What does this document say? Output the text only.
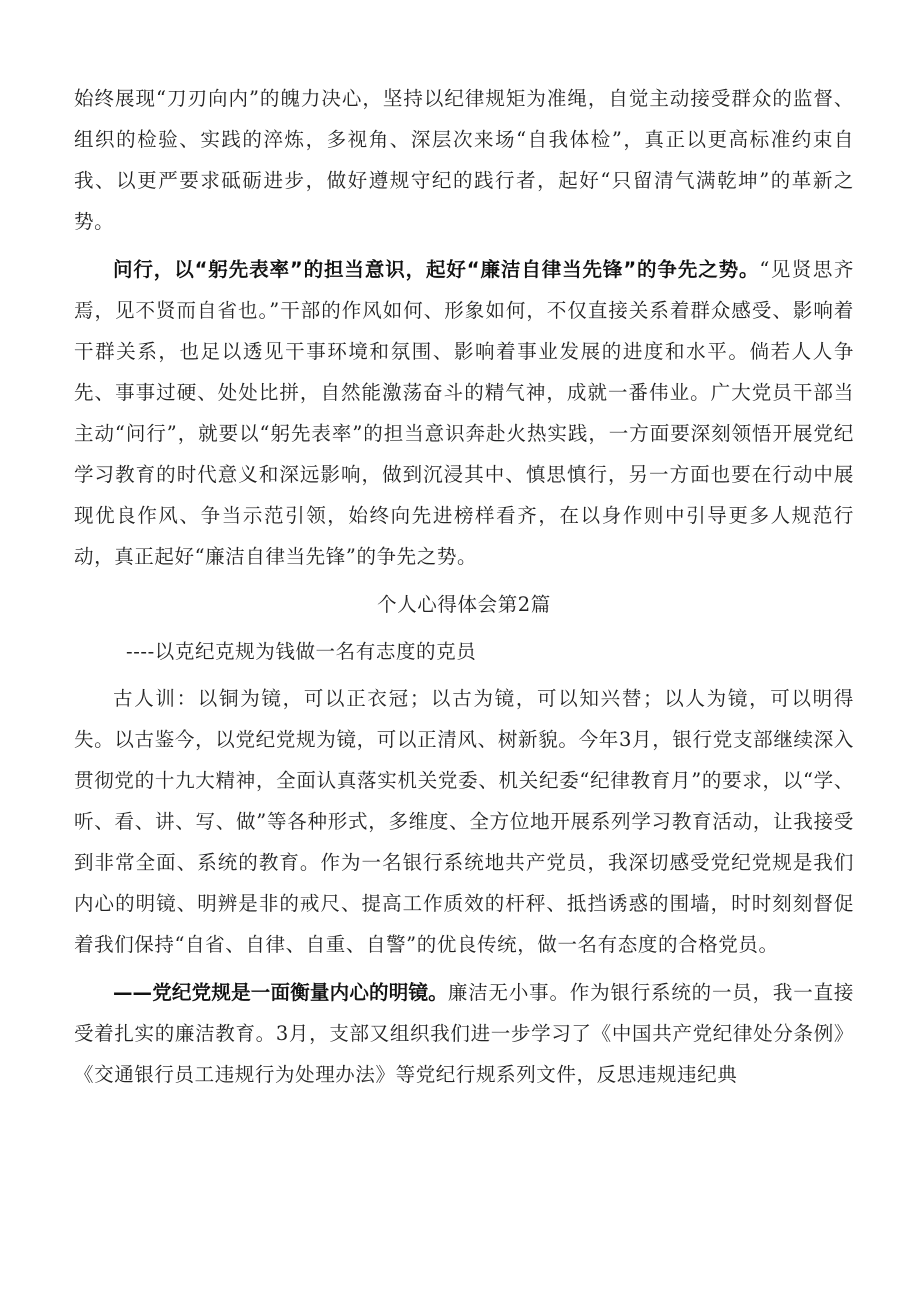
始终展现“刀刃向内”的魄力决心，坚持以纪律规矩为准绳，自觉主动接受群众的监督、组织的检验、实践的淬炼，多视角、深层次来场“自我体检”，真正以更高标准约束自我、以更严要求砥砺进步，做好遵规守纪的践行者，起好“只留清气满乾坤”的革新之势。

问行，以“躬先表率”的担当意识，起好“廉洁自律当先锋”的争先之势。“见贤思齐焉，见不贤而自省也。”干部的作风如何、形象如何，不仅直接关系着群众感受、影响着干群关系，也足以透见干事环境和氛围、影响着事业发展的进度和水平。倘若人人争先、事事过硬、处处比拼，自然能激荡奋斗的精气神，成就一番伟业。广大党员干部当主动“问行”，就要以“躬先表率”的担当意识奔赴火热实践，一方面要深刻领悟开展党纪学习教育的时代意义和深远影响，做到沉浸其中、慎思慎行，另一方面也要在行动中展现优良作风、争当示范引领，始终向先进榜样看齐，在以身作则中引导更多人规范行动，真正起好“廉洁自律当先锋”的争先之势。

个人心得体会第2篇
----以克纪克规为钱做一名有志度的克员

古人训：以铜为镜，可以正衣冠；以古为镜，可以知兴替；以人为镜，可以明得失。以古鉴今，以党纪党规为镜，可以正清风、树新貌。今年3月，银行党支部继续深入贯彻党的十九大精神，全面认真落实机关党委、机关纪委“纪律教育月”的要求，以“学、听、看、讲、写、做”等各种形式，多维度、全方位地开展系列学习教育活动，让我接受到非常全面、系统的教育。作为一名银行系统地共产党员，我深切感受党纪党规是我们内心的明镜、明辨是非的戒尺、提高工作质效的杆秤、抵挡诱惑的围墙，时时刻刻督促着我们保持“自省、自律、自重、自警”的优良传统，做一名有态度的合格党员。

——党纪党规是一面衡量内心的明镜。廉洁无小事。作为银行系统的一员，我一直接受着扎实的廉洁教育。3月，支部又组织我们进一步学习了《中国共产党纪律处分条例》《交通银行员工违规行为处理办法》等党纪行规系列文件，反思违规违纪典
